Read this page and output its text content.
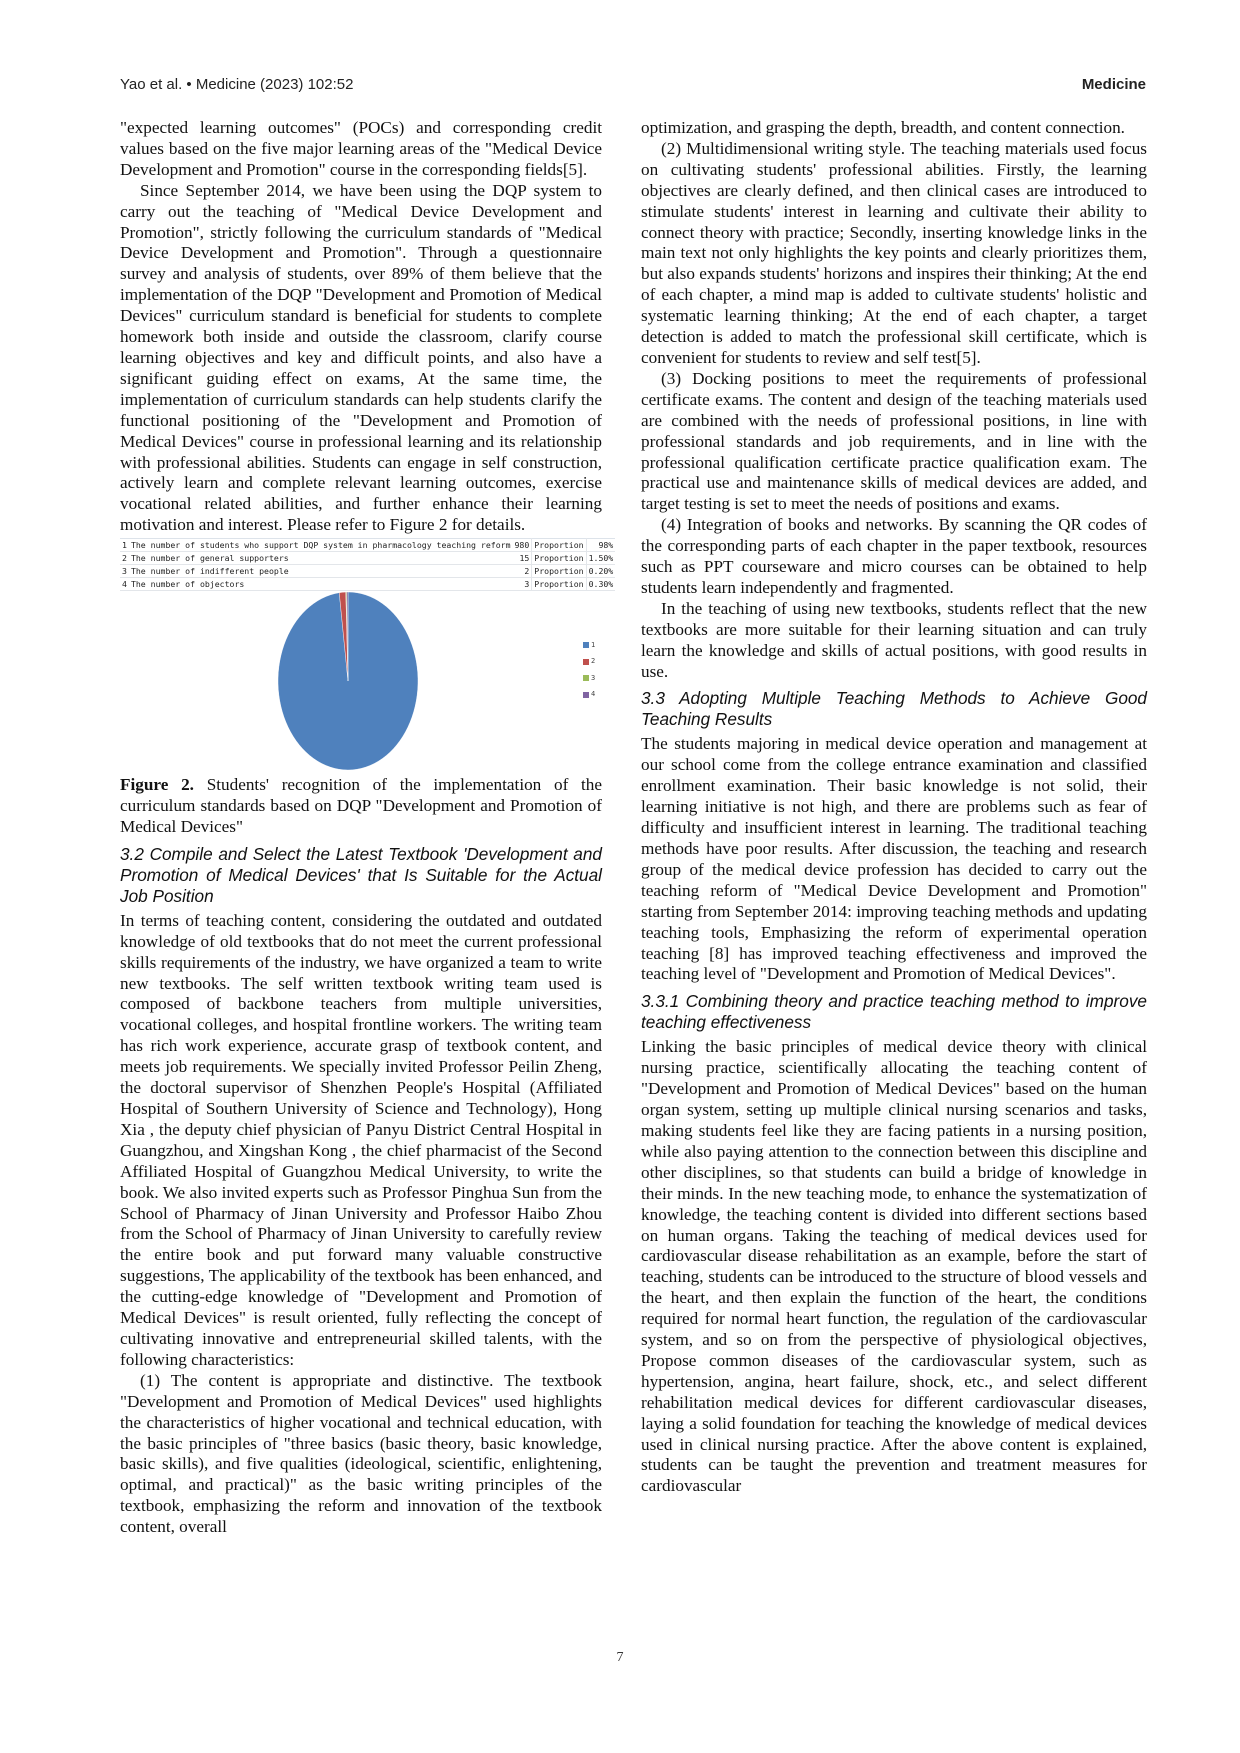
Yao et al. • Medicine (2023) 102:52	Medicine

"expected learning outcomes" (POCs) and corresponding credit values based on the five major learning areas of the "Medical Device Development and Promotion" course in the corresponding fields[5].

Since September 2014, we have been using the DQP system to carry out the teaching of "Medical Device Development and Promotion", strictly following the curriculum standards of "Medical Device Development and Promotion". Through a questionnaire survey and analysis of students, over 89% of them believe that the implementation of the DQP "Development and Promotion of Medical Devices" curriculum standard is beneficial for students to complete homework both inside and outside the classroom, clarify course learning objectives and key and difficult points, and also have a significant guiding effect on exams, At the same time, the implementation of curriculum standards can help students clarify the functional positioning of the "Development and Promotion of Medical Devices" course in professional learning and its relationship with professional abilities. Students can engage in self construction, actively learn and complete relevant learning outcomes, exercise vocational related abilities, and further enhance their learning motivation and interest. Please refer to Figure 2 for details.

1	The number of students who support DQP system in pharmacology teaching reform	980	Proportion	98%
2	The number of general supporters	15	Proportion	1.50%
3	The number of indifferent people	2	Proportion	0.20%
4	The number of objectors	3	Proportion	0.30%
1
2
3
4

Figure 2. Students' recognition of the implementation of the curriculum standards based on DQP "Development and Promotion of Medical Devices"

3.2 Compile and Select the Latest Textbook 'Development and Promotion of Medical Devices' that Is Suitable for the Actual Job Position

In terms of teaching content, considering the outdated and outdated knowledge of old textbooks that do not meet the current professional skills requirements of the industry, we have organized a team to write new textbooks. The self written textbook writing team used is composed of backbone teachers from multiple universities, vocational colleges, and hospital frontline workers. The writing team has rich work experience, accurate grasp of textbook content, and meets job requirements. We specially invited Professor Peilin Zheng, the doctoral supervisor of Shenzhen People's Hospital (Affiliated Hospital of Southern University of Science and Technology), Hong Xia , the deputy chief physician of Panyu District Central Hospital in Guangzhou, and Xingshan Kong , the chief pharmacist of the Second Affiliated Hospital of Guangzhou Medical University, to write the book. We also invited experts such as Professor Pinghua Sun from the School of Pharmacy of Jinan University and Professor Haibo Zhou from the School of Pharmacy of Jinan University to carefully review the entire book and put forward many valuable constructive suggestions, The applicability of the textbook has been enhanced, and the cutting-edge knowledge of "Development and Promotion of Medical Devices" is result oriented, fully reflecting the concept of cultivating innovative and entrepreneurial skilled talents, with the following characteristics:

(1) The content is appropriate and distinctive. The textbook "Development and Promotion of Medical Devices" used highlights the characteristics of higher vocational and technical education, with the basic principles of "three basics (basic theory, basic knowledge, basic skills), and five qualities (ideological, scientific, enlightening, optimal, and practical)" as the basic writing principles of the textbook, emphasizing the reform and innovation of the textbook content, overall

optimization, and grasping the depth, breadth, and content connection.

(2) Multidimensional writing style. The teaching materials used focus on cultivating students' professional abilities. Firstly, the learning objectives are clearly defined, and then clinical cases are introduced to stimulate students' interest in learning and cultivate their ability to connect theory with practice; Secondly, inserting knowledge links in the main text not only highlights the key points and clearly prioritizes them, but also expands students' horizons and inspires their thinking; At the end of each chapter, a mind map is added to cultivate students' holistic and systematic learning thinking; At the end of each chapter, a target detection is added to match the professional skill certificate, which is convenient for students to review and self test[5].

(3) Docking positions to meet the requirements of professional certificate exams. The content and design of the teaching materials used are combined with the needs of professional positions, in line with professional standards and job requirements, and in line with the professional qualification certificate practice qualification exam. The practical use and maintenance skills of medical devices are added, and target testing is set to meet the needs of positions and exams.

(4) Integration of books and networks. By scanning the QR codes of the corresponding parts of each chapter in the paper textbook, resources such as PPT courseware and micro courses can be obtained to help students learn independently and fragmented.

In the teaching of using new textbooks, students reflect that the new textbooks are more suitable for their learning situation and can truly learn the knowledge and skills of actual positions, with good results in use.

3.3 Adopting Multiple Teaching Methods to Achieve Good Teaching Results

The students majoring in medical device operation and management at our school come from the college entrance examination and classified enrollment examination. Their basic knowledge is not solid, their learning initiative is not high, and there are problems such as fear of difficulty and insufficient interest in learning. The traditional teaching methods have poor results. After discussion, the teaching and research group of the medical device profession has decided to carry out the teaching reform of "Medical Device Development and Promotion" starting from September 2014: improving teaching methods and updating teaching tools, Emphasizing the reform of experimental operation teaching [8] has improved teaching effectiveness and improved the teaching level of "Development and Promotion of Medical Devices".

3.3.1 Combining theory and practice teaching method to improve teaching effectiveness

Linking the basic principles of medical device theory with clinical nursing practice, scientifically allocating the teaching content of "Development and Promotion of Medical Devices" based on the human organ system, setting up multiple clinical nursing scenarios and tasks, making students feel like they are facing patients in a nursing position, while also paying attention to the connection between this discipline and other disciplines, so that students can build a bridge of knowledge in their minds. In the new teaching mode, to enhance the systematization of knowledge, the teaching content is divided into different sections based on human organs. Taking the teaching of medical devices used for cardiovascular disease rehabilitation as an example, before the start of teaching, students can be introduced to the structure of blood vessels and the heart, and then explain the function of the heart, the conditions required for normal heart function, the regulation of the cardiovascular system, and so on from the perspective of physiological objectives, Propose common diseases of the cardiovascular system, such as hypertension, angina, heart failure, shock, etc., and select different rehabilitation medical devices for different cardiovascular diseases, laying a solid foundation for teaching the knowledge of medical devices used in clinical nursing practice. After the above content is explained, students can be taught the prevention and treatment measures for cardiovascular

7
